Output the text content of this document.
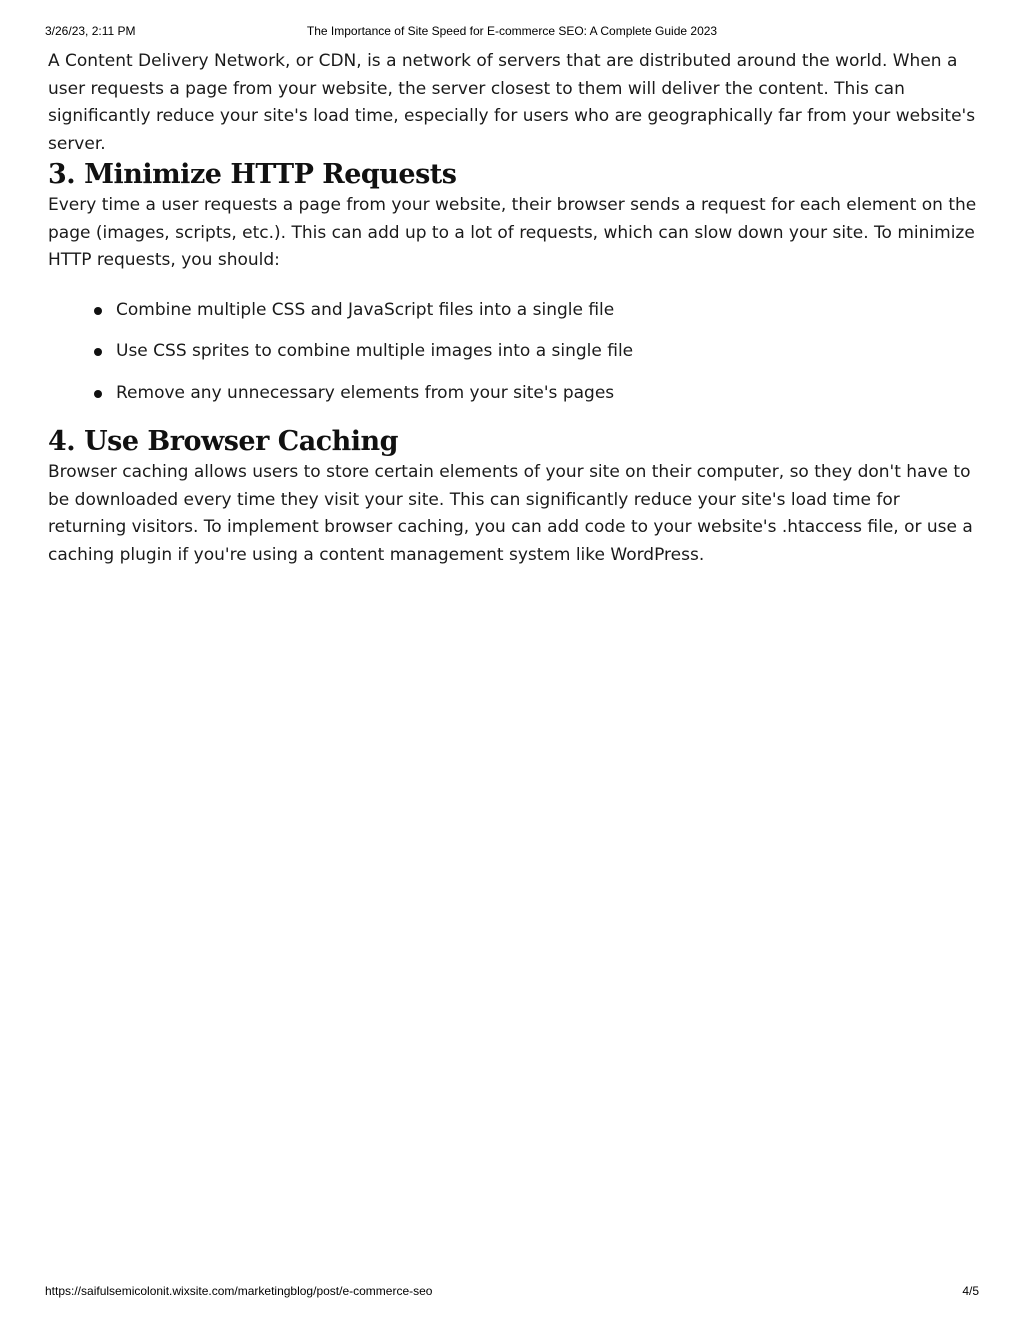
3/26/23, 2:11 PM	The Importance of Site Speed for E-commerce SEO: A Complete Guide 2023

A Content Delivery Network, or CDN, is a network of servers that are distributed around the world. When a user requests a page from your website, the server closest to them will deliver the content. This can significantly reduce your site's load time, especially for users who are geographically far from your website's server.

3. Minimize HTTP Requests

Every time a user requests a page from your website, their browser sends a request for each element on the page (images, scripts, etc.). This can add up to a lot of requests, which can slow down your site. To minimize HTTP requests, you should:

Combine multiple CSS and JavaScript files into a single file
Use CSS sprites to combine multiple images into a single file
Remove any unnecessary elements from your site's pages
4. Use Browser Caching

Browser caching allows users to store certain elements of your site on their computer, so they don't have to be downloaded every time they visit your site. This can significantly reduce your site's load time for returning visitors. To implement browser caching, you can add code to your website's .htaccess file, or use a caching plugin if you're using a content management system like WordPress.

https://saifulsemicolonit.wixsite.com/marketingblog/post/e-commerce-seo	4/5
